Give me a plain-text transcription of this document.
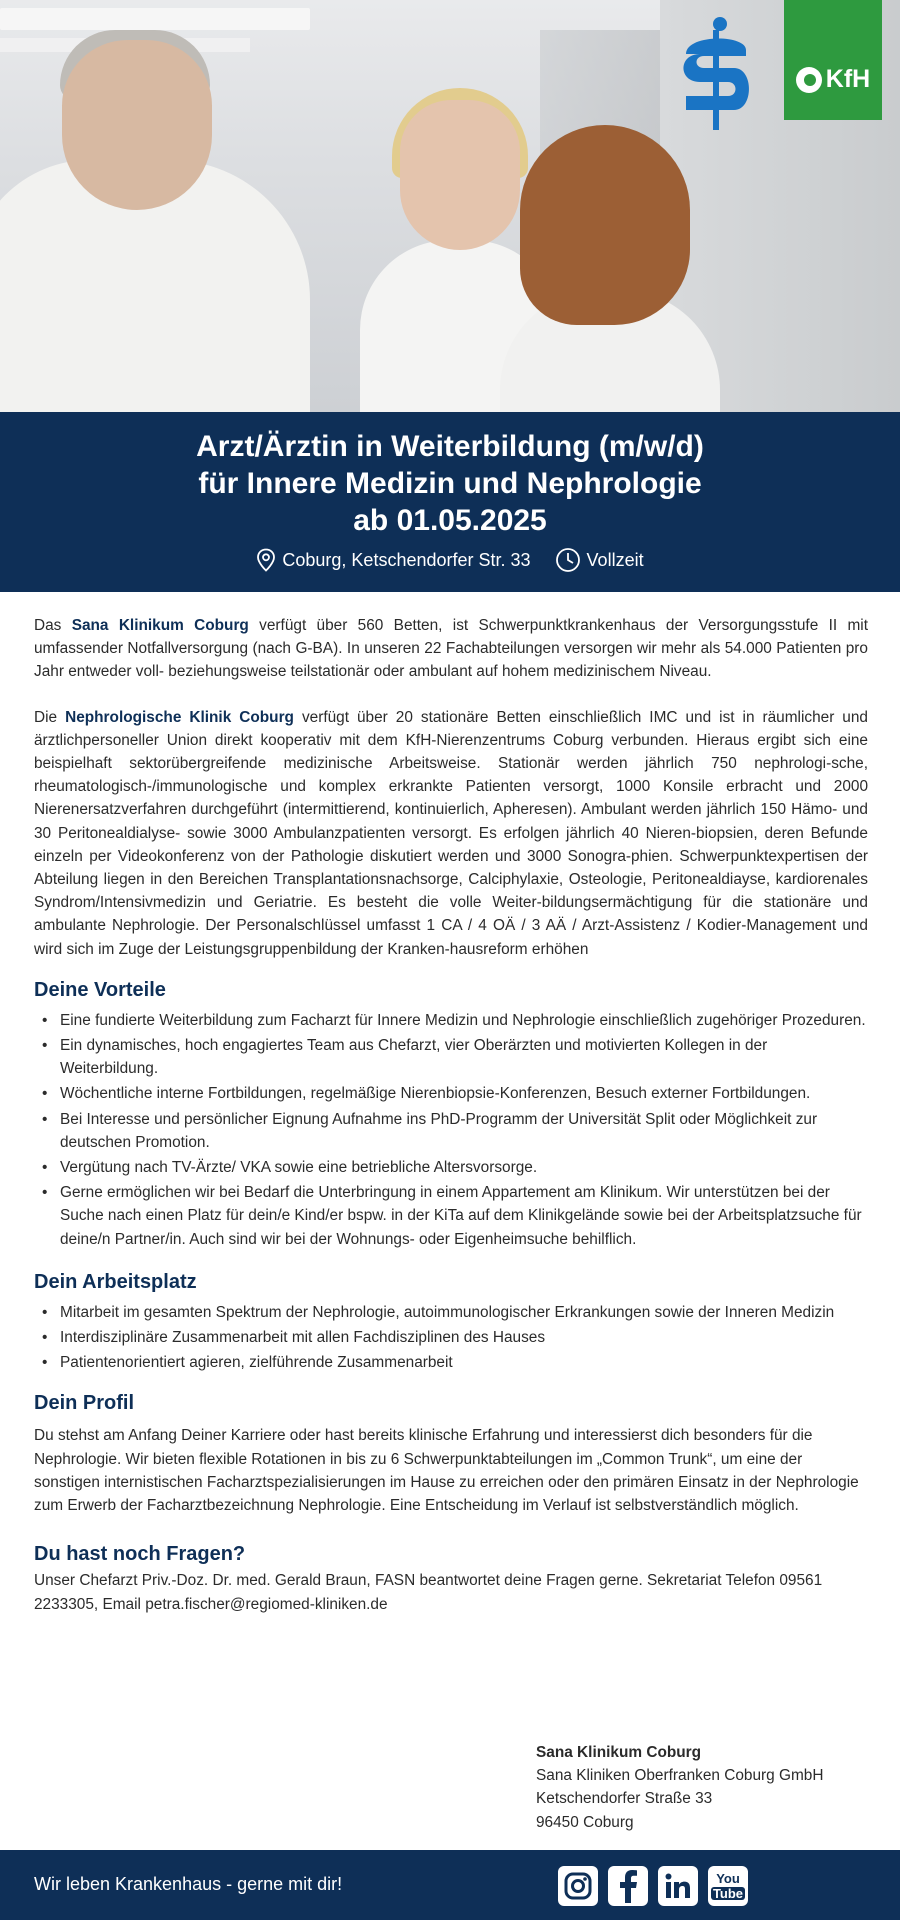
KfH
Arzt/Ärztin in Weiterbildung (m/w/d)
für Innere Medizin und Nephrologie
ab 01.05.2025
Coburg, Ketschendorfer Str. 33	Vollzeit

Das Sana Klinikum Coburg verfügt über 560 Betten, ist Schwerpunktkrankenhaus der Versorgungsstufe II mit umfassender Notfallversorgung (nach G-BA). In unseren 22 Fachabteilungen versorgen wir mehr als 54.000 Patienten pro Jahr entweder voll- beziehungsweise teilstationär oder ambulant auf hohem medizinischem Niveau.

Die Nephrologische Klinik Coburg verfügt über 20 stationäre Betten einschließlich IMC und ist in räumlicher und ärztlichpersoneller Union direkt kooperativ mit dem KfH-Nierenzentrums Coburg verbunden. Hieraus ergibt sich eine beispielhaft sektorübergreifende medizinische Arbeitsweise. Stationär werden jährlich 750 nephrologi-sche, rheumatologisch-/immunologische und komplex erkrankte Patienten versorgt, 1000 Konsile erbracht und 2000 Nierenersatzverfahren durchgeführt (intermittierend, kontinuierlich, Apheresen). Ambulant werden jährlich 150 Hämo- und 30 Peritonealdialyse- sowie 3000 Ambulanzpatienten versorgt. Es erfolgen jährlich 40 Nieren-biopsien, deren Befunde einzeln per Videokonferenz von der Pathologie diskutiert werden und 3000 Sonogra-phien. Schwerpunktexpertisen der Abteilung liegen in den Bereichen Transplantationsnachsorge, Calciphylaxie, Osteologie, Peritonealdiayse, kardiorenales Syndrom/Intensivmedizin und Geriatrie. Es besteht die volle Weiter-bildungsermächtigung für die stationäre und ambulante Nephrologie. Der Personalschlüssel umfasst 1 CA / 4 OÄ / 3 AÄ / Arzt-Assistenz / Kodier-Management und wird sich im Zuge der Leistungsgruppenbildung der Kranken-hausreform erhöhen

Deine Vorteile
• Eine fundierte Weiterbildung zum Facharzt für Innere Medizin und Nephrologie einschließlich zugehöriger Prozeduren.
• Ein dynamisches, hoch engagiertes Team aus Chefarzt, vier Oberärzten und motivierten Kollegen in der Weiterbildung.
• Wöchentliche interne Fortbildungen, regelmäßige Nierenbiopsie-Konferenzen, Besuch externer Fortbildungen.
• Bei Interesse und persönlicher Eignung Aufnahme ins PhD-Programm der Universität Split oder Möglichkeit zur deutschen Promotion.
• Vergütung nach TV-Ärzte/ VKA sowie eine betriebliche Altersvorsorge.
• Gerne ermöglichen wir bei Bedarf die Unterbringung in einem Appartement am Klinikum. Wir unterstützen bei der Suche nach einen Platz für dein/e Kind/er bspw. in der KiTa auf dem Klinikgelände sowie bei der Arbeitsplatzsuche für deine/n Partner/in. Auch sind wir bei der Wohnungs- oder Eigenheimsuche behilflich.
Dein Arbeitsplatz
• Mitarbeit im gesamten Spektrum der Nephrologie, autoimmunologischer Erkrankungen sowie der Inneren Medizin
• Interdisziplinäre Zusammenarbeit mit allen Fachdisziplinen des Hauses
• Patientenorientiert agieren, zielführende Zusammenarbeit
Dein Profil

Du stehst am Anfang Deiner Karriere oder hast bereits klinische Erfahrung und interessierst dich besonders für die Nephrologie. Wir bieten flexible Rotationen in bis zu 6 Schwerpunktabteilungen im „Common Trunk“, um eine der sonstigen internistischen Facharztspezialisierungen im Hause zu erreichen oder den primären Einsatz in der Nephrologie zum Erwerb der Facharztbezeichnung Nephrologie. Eine Entscheidung im Verlauf ist selbstverständlich möglich.

Du hast noch Fragen?

Unser Chefarzt Priv.-Doz. Dr. med. Gerald Braun, FASN beantwortet deine Fragen gerne. Sekretariat Telefon 09561 2233305, Email petra.fischer@regiomed-kliniken.de

Sana Klinikum Coburg
Sana Kliniken Oberfranken Coburg GmbH
Ketschendorfer Straße 33
96450 Coburg
Wir leben Krankenhaus - gerne mit dir!	You
Tube
